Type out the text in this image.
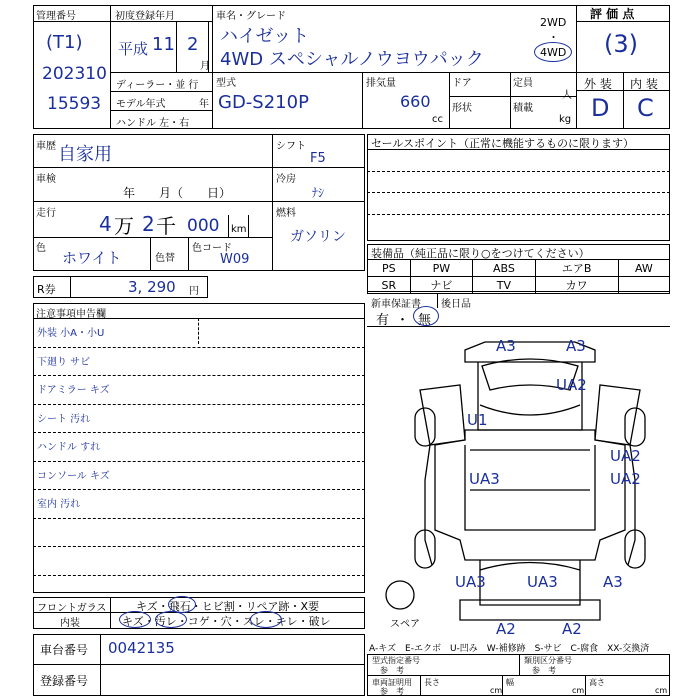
管理番号
(T1)
202310
15593
初度登録年月
平成 11 2
月
車名・グレード
ハイゼット
4WD スペシャルノウヨウパック
2WD
・
4WD
評 価 点
(3)
外 装 内 装
D C
ディーラー・並 行
モデル年式	年
ハンドル 左・右
型式
GD-S210P
排気量
660
cc
ドア
形状
定員
人
積載
kg
車歴 自家用
車検
年　　月（　　日）
走行 4 万 2 千 000 km
色
ホワイト	色替
色コード
W09
シフト
F5
冷房
ﾅｼ
燃料
ガソリン
R券	3, 290 円
注意事項申告欄
外装 小A・小U
下廻り サビ
ドアミラー キズ
シート 汚れ
ハンドル すれ
コンソール キズ
室内 汚れ
セールスポイント（正常に機能するものに限ります）
装備品（純正品に限り○をつけてください）
PS	PW	ABS	エアB	AW
SR	ナビ	TV	カワ	
新車保証書 後日品
有 ・ 無
A3	A3
UA2
U1
UA2
UA3	UA2
UA3	UA3	A3
A2	A2
スペア
フロントガラス	キズ・飛石・ヒビ割・リペア跡・X要
内装	キズ・汚レ・コゲ・穴・スレ・キレ・破レ
車台番号 0042135
登録番号
A-キズ　E-エクボ　U-凹み　W-補修跡　S-サビ　C-腐食　XX-交換済
型式指定番号
参　考
類別区分番号
参　考
車両証明用
参　考
長さ
cm
幅
cm
高さ
cm
